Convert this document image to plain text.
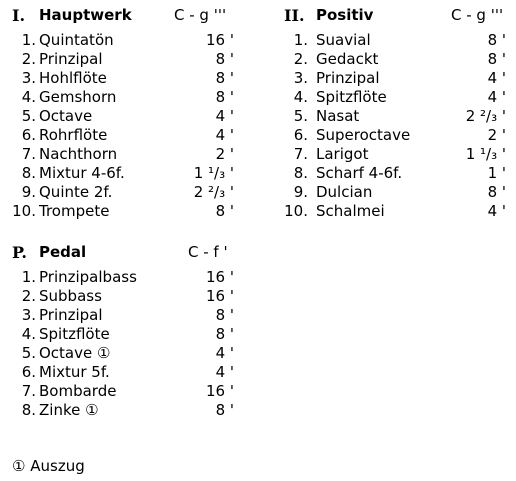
I. Hauptwerk	C - g '''
1. Quintatön	16 '
2. Prinzipal	8 '
3. Hohlflöte	8 '
4. Gemshorn	8 '
5. Octave	4 '
6. Rohrflöte	4 '
7. Nachthorn	2 '
8. Mixtur 4-6f.	1 ¹/₃ '
9. Quinte 2f.	2 ²/₃ '
10. Trompete	8 '
II. Positiv	C - g '''
1. Suavial	8 '
2. Gedackt	8 '
3. Prinzipal	4 '
4. Spitzflöte	4 '
5. Nasat	2 ²/₃ '
6. Superoctave	2 '
7. Larigot	1 ¹/₃ '
8. Scharf 4-6f.	1 '
9. Dulcian	8 '
10. Schalmei	4 '
P. Pedal	C - f '
1. Prinzipalbass	16 '
2. Subbass	16 '
3. Prinzipal	8 '
4. Spitzflöte	8 '
5. Octave ①	4 '
6. Mixtur 5f.	4 '
7. Bombarde	16 '
8. Zinke ①	8 '
① Auszug
